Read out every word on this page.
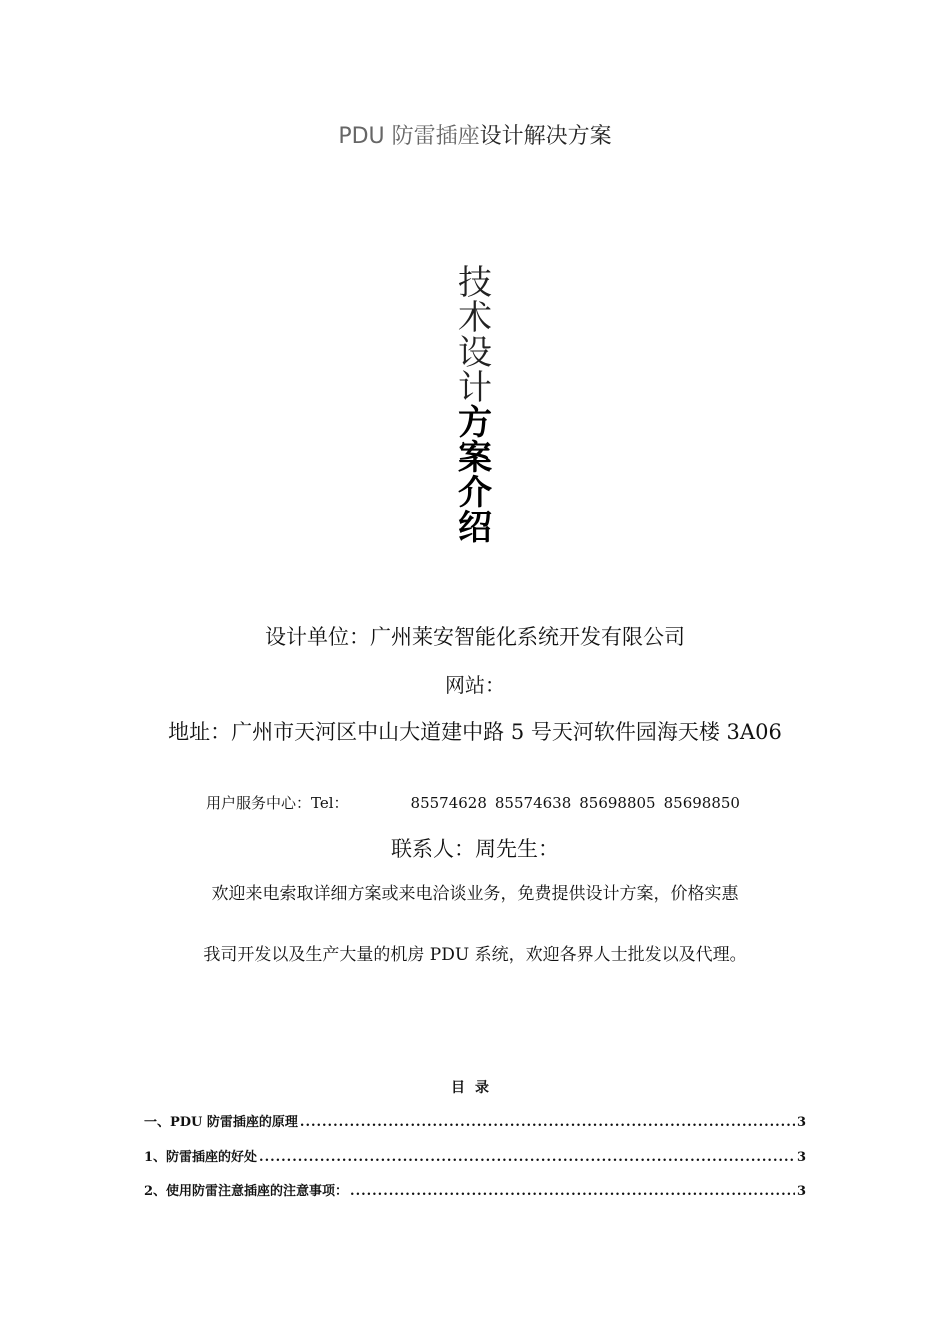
PDU 防雷插座设计解决方案
技
术
设
计
方
案
介
绍
设计单位：广州莱安智能化系统开发有限公司
网站：
地址：广州市天河区中山大道建中路 5 号天河软件园海天楼 3A06
用户服务中心：Tel：	85574628 85574638 85698805 85698850
联系人：周先生：
欢迎来电索取详细方案或来电洽谈业务，免费提供设计方案，价格实惠
我司开发以及生产大量的机房 PDU 系统，欢迎各界人士批发以及代理。
目录
一、PDU 防雷插座的原理 .....	3
1、防雷插座的好处 .....	3
2、使用防雷注意插座的注意事项： .....	3
